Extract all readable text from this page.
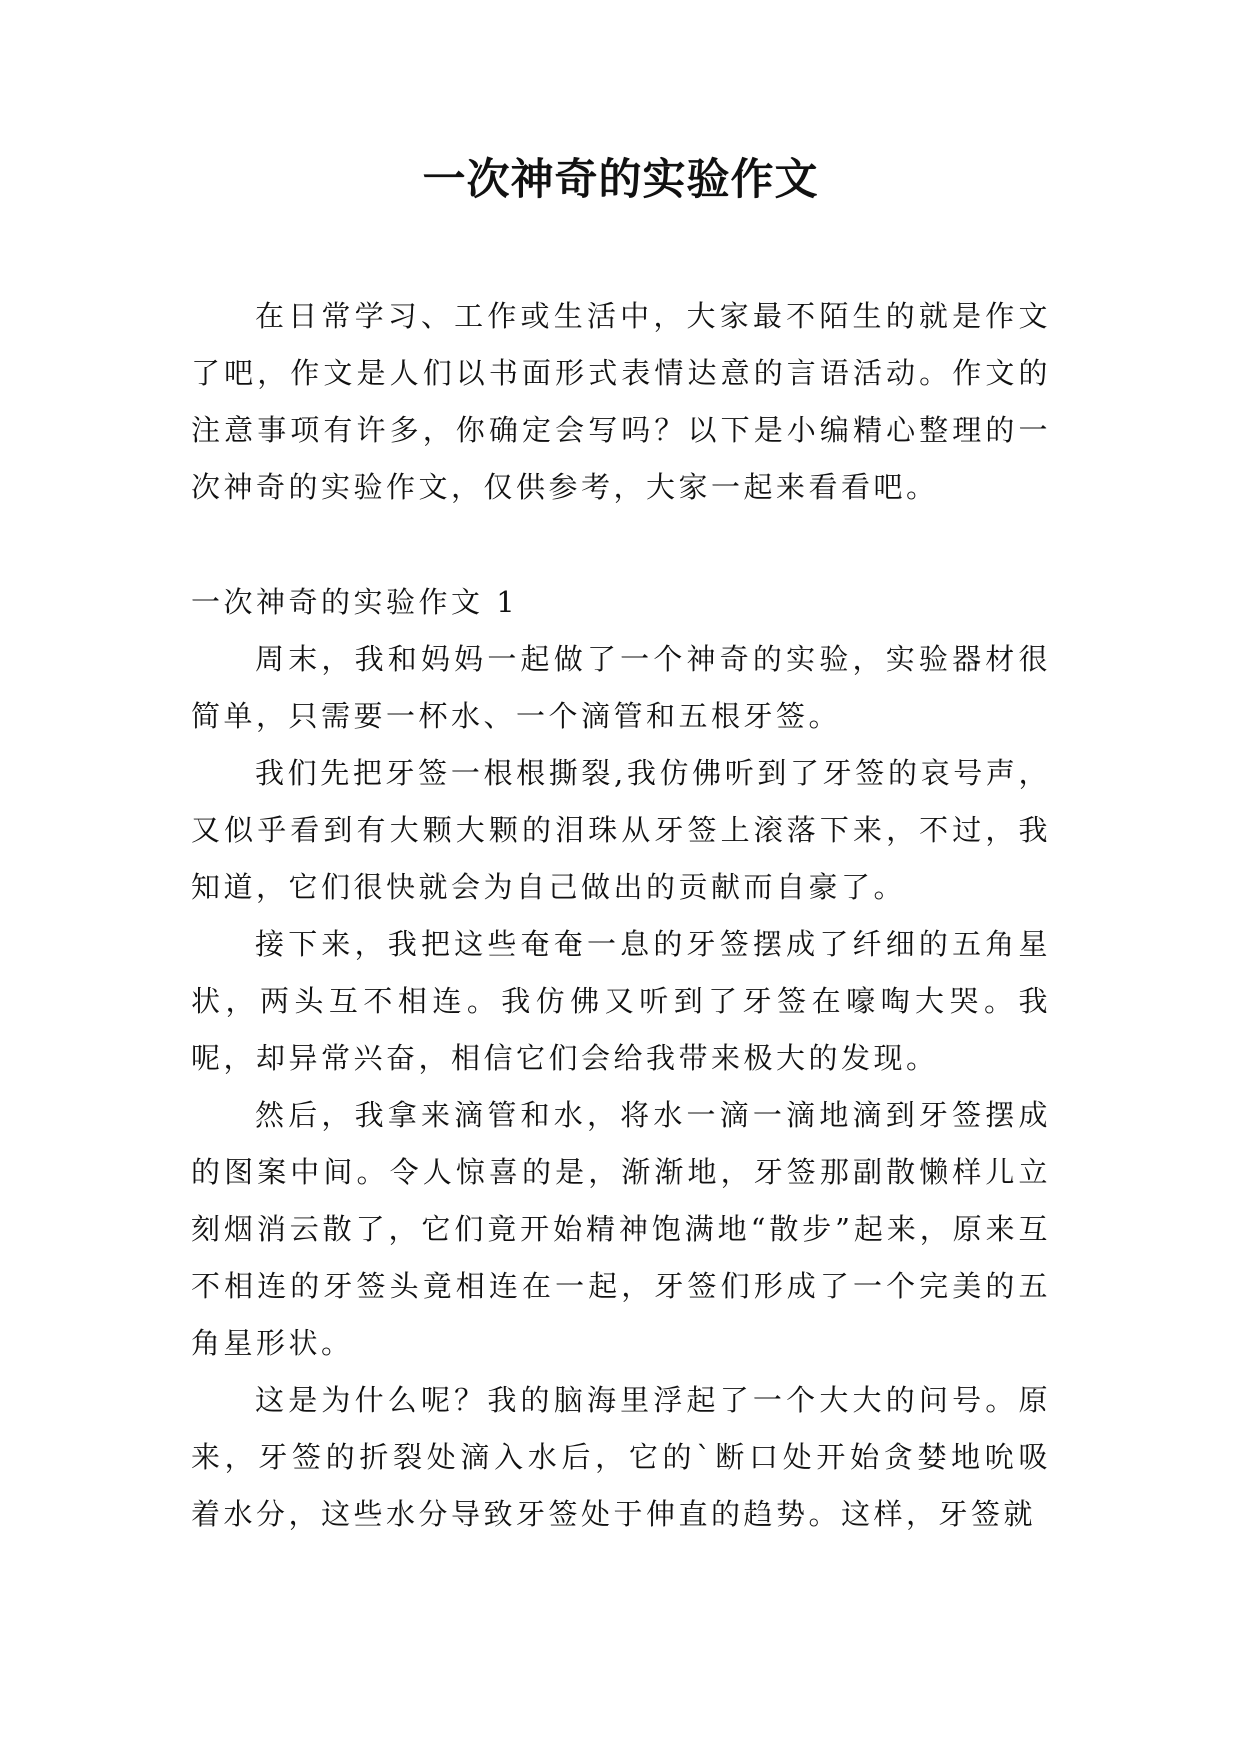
一次神奇的实验作文

在日常学习、工作或生活中，大家最不陌生的就是作文了吧，作文是人们以书面形式表情达意的言语活动。作文的注意事项有许多，你确定会写吗？以下是小编精心整理的一次神奇的实验作文，仅供参考，大家一起来看看吧。

一次神奇的实验作文 1

周末，我和妈妈一起做了一个神奇的实验，实验器材很简单，只需要一杯水、一个滴管和五根牙签。

我们先把牙签一根根撕裂,我仿佛听到了牙签的哀号声，又似乎看到有大颗大颗的泪珠从牙签上滚落下来，不过，我知道，它们很快就会为自己做出的贡献而自豪了。

接下来，我把这些奄奄一息的牙签摆成了纤细的五角星状，两头互不相连。我仿佛又听到了牙签在嚎啕大哭。我呢，却异常兴奋，相信它们会给我带来极大的发现。

然后，我拿来滴管和水，将水一滴一滴地滴到牙签摆成的图案中间。令人惊喜的是，渐渐地，牙签那副散懒样儿立刻烟消云散了，它们竟开始精神饱满地“散步”起来，原来互不相连的牙签头竟相连在一起，牙签们形成了一个完美的五角星形状。

这是为什么呢？我的脑海里浮起了一个大大的问号。原来，牙签的折裂处滴入水后，它的`断口处开始贪婪地吮吸着水分，这些水分导致牙签处于伸直的趋势。这样，牙签就
